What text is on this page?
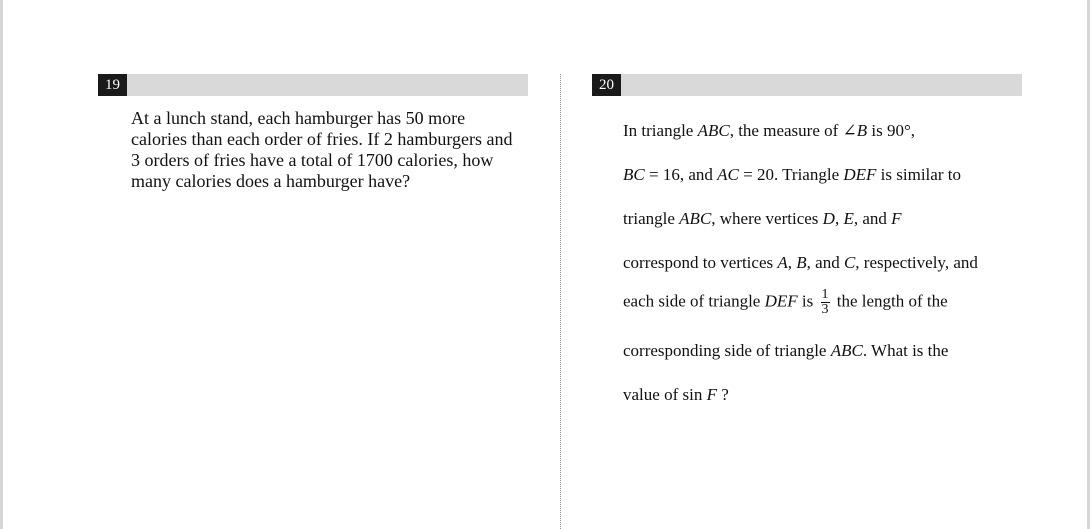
19
At a lunch stand, each hamburger has 50 more
calories than each order of fries. If 2 hamburgers and
3 orders of fries have a total of 1700 calories, how
many calories does a hamburger have?
20
In triangle ABC, the measure of ∠B is 90°,
BC = 16, and AC = 20. Triangle DEF is similar to
triangle ABC, where vertices D, E, and F
correspond to vertices A, B, and C, respectively, and
each side of triangle DEF is $\frac{1}{3}$ the length of the
corresponding side of triangle ABC. What is the
value of sin F ?
